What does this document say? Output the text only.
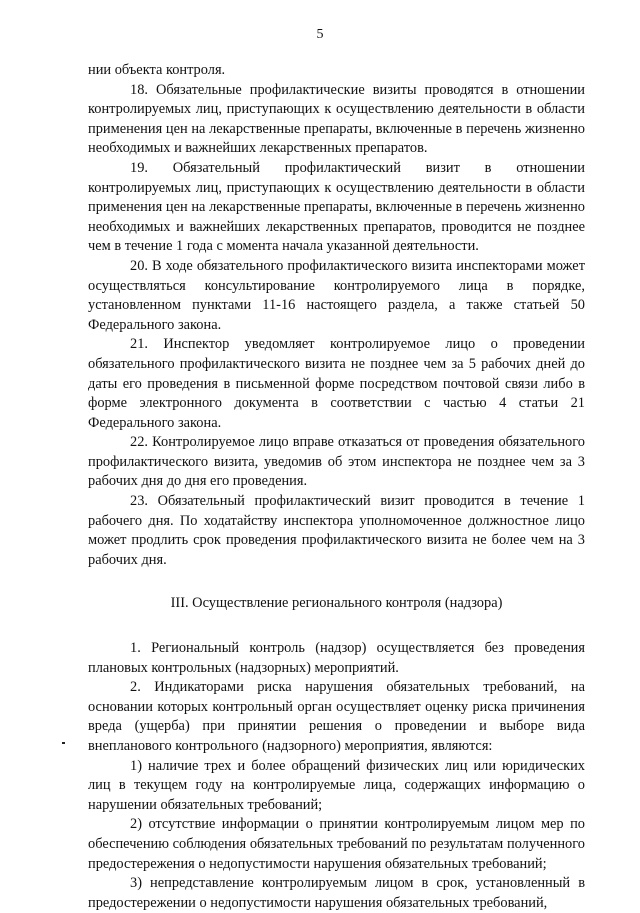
5

нии объекта контроля.

18. Обязательные профилактические визиты проводятся в отношении контролируемых лиц, приступающих к осуществлению деятельности в области применения цен на лекарственные препараты, включенные в перечень жизненно необходимых и важнейших лекарственных препаратов.

19. Обязательный профилактический визит в отношении контролируемых лиц, приступающих к осуществлению деятельности в области применения цен на лекарственные препараты, включенные в перечень жизненно необходимых и важнейших лекарственных препаратов, проводится не позднее чем в течение 1 года с момента начала указанной деятельности.

20. В ходе обязательного профилактического визита инспекторами может осуществляться консультирование контролируемого лица в порядке, установленном пунктами 11-16 настоящего раздела, а также статьей 50 Федерального закона.

21. Инспектор уведомляет контролируемое лицо о проведении обязательного профилактического визита не позднее чем за 5 рабочих дней до даты его проведения в письменной форме посредством почтовой связи либо в форме электронного документа в соответствии с частью 4 статьи 21 Федерального закона.

22. Контролируемое лицо вправе отказаться от проведения обязательного профилактического визита, уведомив об этом инспектора не позднее чем за 3 рабочих дня до дня его проведения.

23. Обязательный профилактический визит проводится в течение 1 рабочего дня. По ходатайству инспектора уполномоченное должностное лицо может продлить срок проведения профилактического визита не более чем на 3 рабочих дня.

III. Осуществление регионального контроля (надзора)

1. Региональный контроль (надзор) осуществляется без проведения плановых контрольных (надзорных) мероприятий.

2. Индикаторами риска нарушения обязательных требований, на основании которых контрольный орган осуществляет оценку риска причинения вреда (ущерба) при принятии решения о проведении и выборе вида внепланового контрольного (надзорного) мероприятия, являются:

1) наличие трех и более обращений физических лиц или юридических лиц в текущем году на контролируемые лица, содержащих информацию о нарушении обязательных требований;

2) отсутствие информации о принятии контролируемым лицом мер по обеспечению соблюдения обязательных требований по результатам полученного предостережения о недопустимости нарушения обязательных требований;

3) непредставление контролируемым лицом в срок, установленный в предостережении о недопустимости нарушения обязательных требований,
